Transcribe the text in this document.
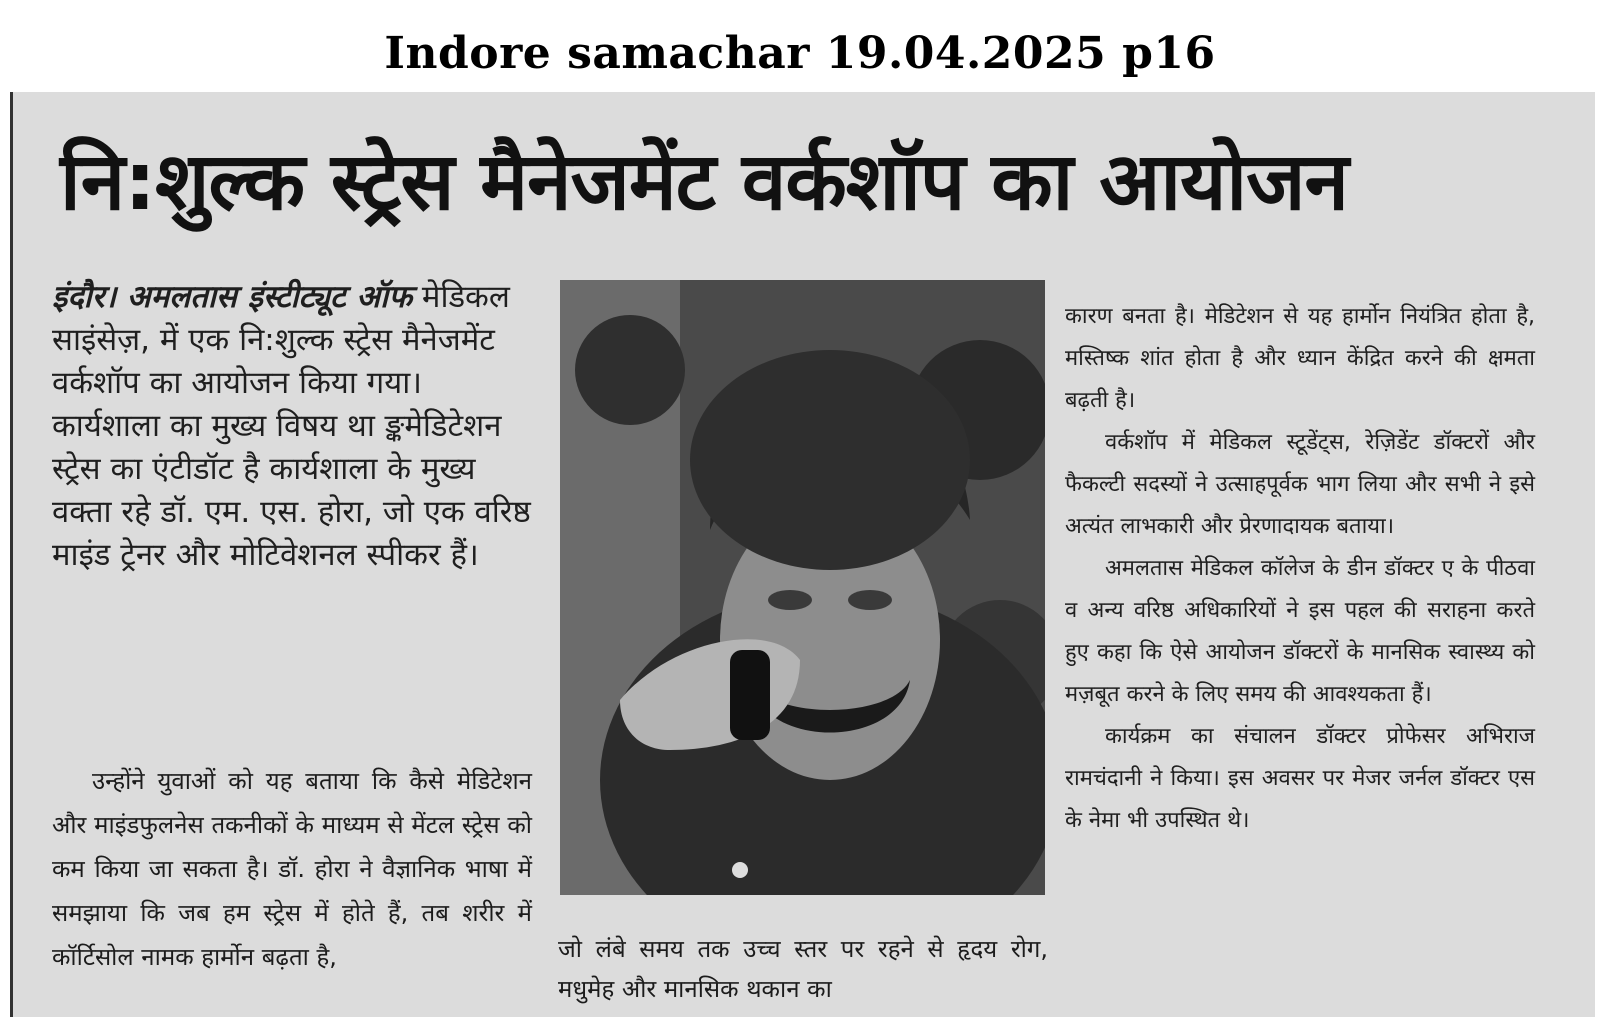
Indore samachar 19.04.2025 p16
नि:शुल्क स्ट्रेस मैनेजमेंट वर्कशॉप का आयोजन

इंदौर। अमलतास इंस्टीट्यूट ऑफ मेडिकल साइंसेज़, में एक नि:शुल्क स्ट्रेस मैनेजमेंट वर्कशॉप का आयोजन किया गया। कार्यशाला का मुख्य विषय था ङ्कमेडिटेशन स्ट्रेस का एंटीडॉट है कार्यशाला के मुख्य वक्ता रहे डॉ. एम. एस. होरा, जो एक वरिष्ठ माइंड ट्रेनर और मोटिवेशनल स्पीकर हैं।

उन्होंने युवाओं को यह बताया कि कैसे मेडिटेशन और माइंडफुलनेस तकनीकों के माध्यम से मेंटल स्ट्रेस को कम किया जा सकता है। डॉ. होरा ने वैज्ञानिक भाषा में समझाया कि जब हम स्ट्रेस में होते हैं, तब शरीर में कॉर्टिसोल नामक हार्मोन बढ़ता है,	जो लंबे समय तक उच्च स्तर पर रहने से हृदय रोग, मधुमेह और मानसिक थकान का

कारण बनता है। मेडिटेशन से यह हार्मोन नियंत्रित होता है, मस्तिष्क शांत होता है और ध्यान केंद्रित करने की क्षमता बढ़ती है।

वर्कशॉप में मेडिकल स्टूडेंट्स, रेज़िडेंट डॉक्टरों और फैकल्टी सदस्यों ने उत्साहपूर्वक भाग लिया और सभी ने इसे अत्यंत लाभकारी और प्रेरणादायक बताया।

अमलतास मेडिकल कॉलेज के डीन डॉक्टर ए के पीठवा व अन्य वरिष्ठ अधिकारियों ने इस पहल की सराहना करते हुए कहा कि ऐसे आयोजन डॉक्टरों के मानसिक स्वास्थ्य को मज़बूत करने के लिए समय की आवश्यकता हैं।

कार्यक्रम का संचालन डॉक्टर प्रोफेसर अभिराज रामचंदानी ने किया। इस अवसर पर मेजर जर्नल डॉक्टर एस के नेमा भी उपस्थित थे।
